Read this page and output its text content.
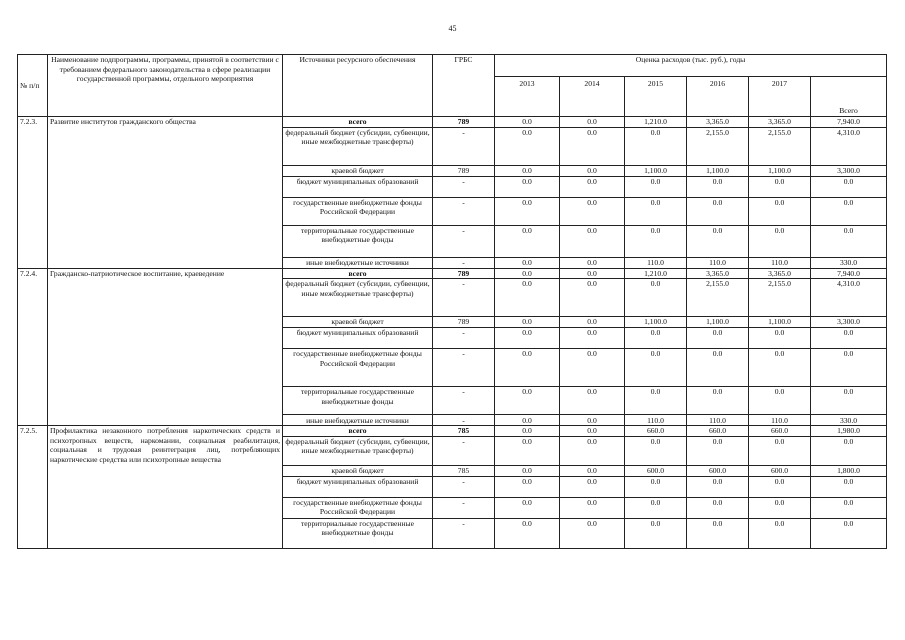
45
№ п/п	Наименование подпрограммы, программы, принятой в соответствии с требованием федерального законодательства в сфере реализации государственной программы, отдельного мероприятия	Источники ресурсного обеспечения	ГРБС	Оценка расходов (тыс. руб.), годы					
				2013	2014	2015	2016	2017	Всего
7.2.3.	Развитие институтов гражданского общества	всего	789	0.0	0.0	1,210.0	3,365.0	3,365.0	7,940.0
		федеральный бюджет (субсидии, субвенции, иные межбюджетные трансферты)	-	0.0	0.0	0.0	2,155.0	2,155.0	4,310.0
		краевой бюджет	789	0.0	0.0	1,100.0	1,100.0	1,100.0	3,300.0
		бюджет муниципальных образований	-	0.0	0.0	0.0	0.0	0.0	0.0
		государственные внебюджетные фонды Российской Федерации	-	0.0	0.0	0.0	0.0	0.0	0.0
		территориальные государственные внебюджетные фонды	-	0.0	0.0	0.0	0.0	0.0	0.0
		иные внебюджетные источники	-	0.0	0.0	110.0	110.0	110.0	330.0
7.2.4.	Гражданско-патриотическое воспитание, краеведение	всего	789	0.0	0.0	1,210.0	3,365.0	3,365.0	7,940.0
		федеральный бюджет (субсидии, субвенции, иные межбюджетные трансферты)	-	0.0	0.0	0.0	2,155.0	2,155.0	4,310.0
		краевой бюджет	789	0.0	0.0	1,100.0	1,100.0	1,100.0	3,300.0
		бюджет муниципальных образований	-	0.0	0.0	0.0	0.0	0.0	0.0
		государственные внебюджетные фонды Российской Федерации	-	0.0	0.0	0.0	0.0	0.0	0.0
		территориальные государственные внебюджетные фонды	-	0.0	0.0	0.0	0.0	0.0	0.0
		иные внебюджетные источники	-	0.0	0.0	110.0	110.0	110.0	330.0
7.2.5.	Профилактика незаконного потребления наркотических средств и психотропных веществ, наркомании, социальная реабилитация, социальная и трудовая реинтеграция лиц, потребляющих наркотические средства или психотропные вещества	всего	785	0.0	0.0	660.0	660.0	660.0	1,980.0
		федеральный бюджет (субсидии, субвенции, иные межбюджетные трансферты)	-	0.0	0.0	0.0	0.0	0.0	0.0
		краевой бюджет	785	0.0	0.0	600.0	600.0	600.0	1,800.0
		бюджет муниципальных образований	-	0.0	0.0	0.0	0.0	0.0	0.0
		государственные внебюджетные фонды Российской Федерации	-	0.0	0.0	0.0	0.0	0.0	0.0
		территориальные государственные внебюджетные фонды	-	0.0	0.0	0.0	0.0	0.0	0.0
